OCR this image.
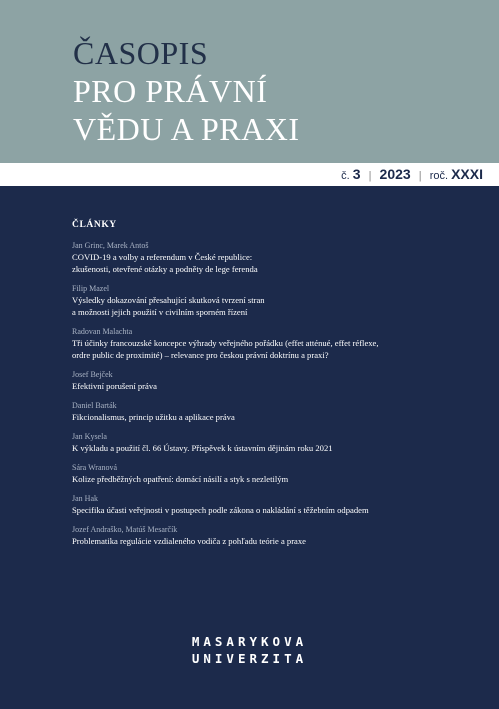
ČASOPIS
PRO PRÁVNÍ
VĚDU A PRAXI
č. 3 | 2023 | roč. XXXI
ČLÁNKY
Jan Grinc, Marek Antoš
COVID-19 a volby a referendum v České republice:
zkušenosti, otevřené otázky a podněty de lege ferenda
Filip Mazel
Výsledky dokazování přesahující skutková tvrzení stran
a možnosti jejich použití v civilním sporném řízení
Radovan Malachta
Tři účinky francouzské koncepce výhrady veřejného pořádku (effet atténué, effet réflexe,
ordre public de proximité) – relevance pro českou právní doktrínu a praxi?
Josef Bejček
Efektivní porušení práva
Daniel Barták
Fikcionalismus, princip užitku a aplikace práva
Jan Kysela
K výkladu a použití čl. 66 Ústavy. Příspěvek k ústavním dějinám roku 2021
Sára Wranová
Kolize předběžných opatření: domácí násilí a styk s nezletilým
Jan Hak
Specifika účasti veřejnosti v postupech podle zákona o nakládání s těžebním odpadem
Jozef Andraško, Matúš Mesarčík
Problematika regulácie vzdialeného vodiča z pohľadu teórie a praxe
MASARYKOVA
UNIVERZITA
